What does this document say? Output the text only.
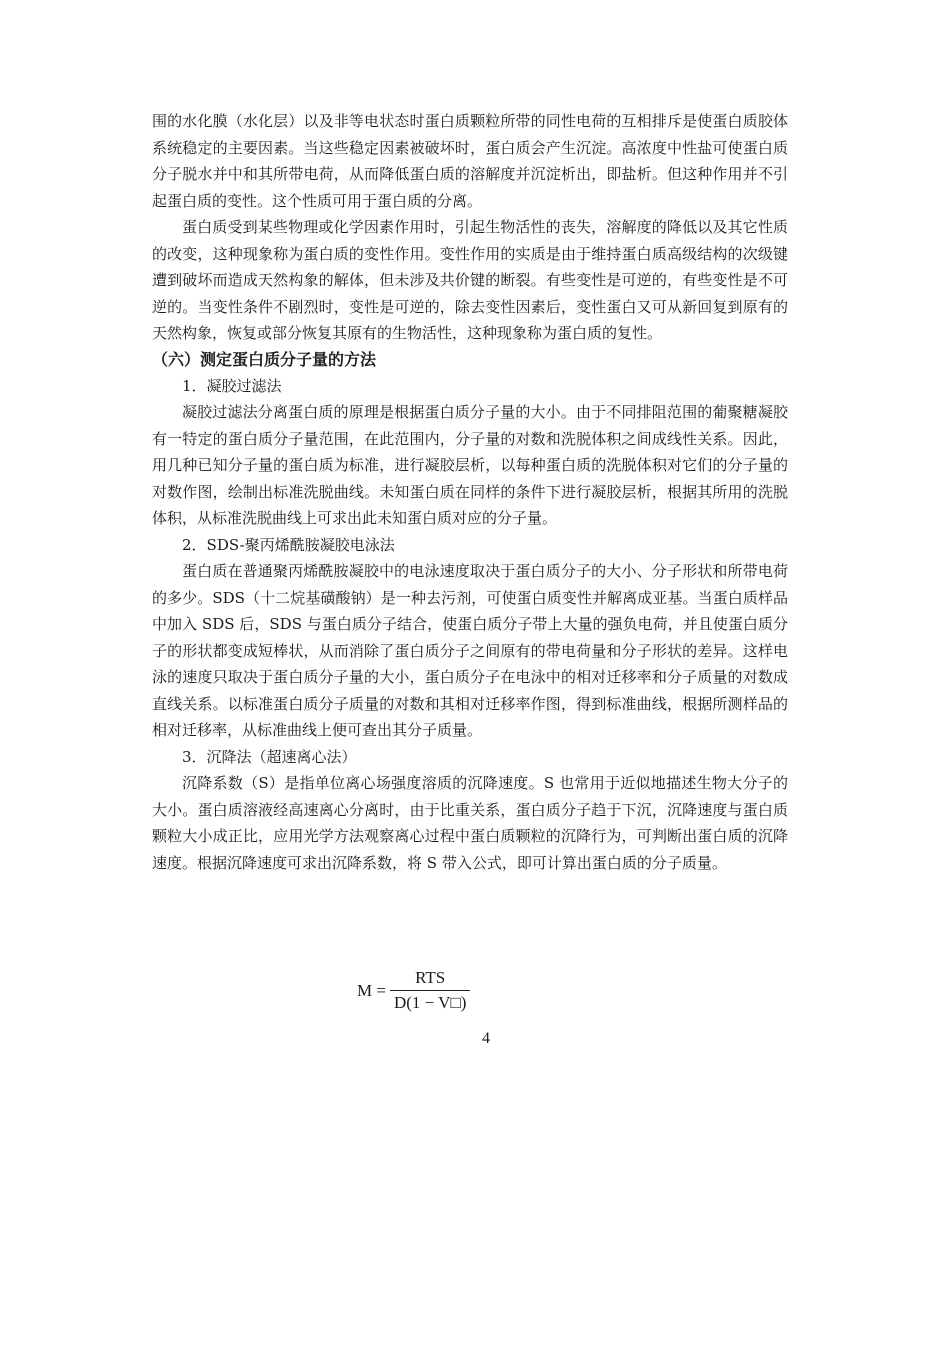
围的水化膜（水化层）以及非等电状态时蛋白质颗粒所带的同性电荷的互相排斥是使蛋白质胶体系统稳定的主要因素。当这些稳定因素被破坏时，蛋白质会产生沉淀。高浓度中性盐可使蛋白质分子脱水并中和其所带电荷，从而降低蛋白质的溶解度并沉淀析出，即盐析。但这种作用并不引起蛋白质的变性。这个性质可用于蛋白质的分离。

蛋白质受到某些物理或化学因素作用时，引起生物活性的丧失，溶解度的降低以及其它性质的改变，这种现象称为蛋白质的变性作用。变性作用的实质是由于维持蛋白质高级结构的次级键遭到破坏而造成天然构象的解体，但未涉及共价键的断裂。有些变性是可逆的，有些变性是不可逆的。当变性条件不剧烈时，变性是可逆的，除去变性因素后，变性蛋白又可从新回复到原有的天然构象，恢复或部分恢复其原有的生物活性，这种现象称为蛋白质的复性。

（六）测定蛋白质分子量的方法

1．凝胶过滤法

凝胶过滤法分离蛋白质的原理是根据蛋白质分子量的大小。由于不同排阻范围的葡聚糖凝胶有一特定的蛋白质分子量范围，在此范围内，分子量的对数和洗脱体积之间成线性关系。因此，用几种已知分子量的蛋白质为标准，进行凝胶层析，以每种蛋白质的洗脱体积对它们的分子量的对数作图，绘制出标准洗脱曲线。未知蛋白质在同样的条件下进行凝胶层析，根据其所用的洗脱体积，从标准洗脱曲线上可求出此未知蛋白质对应的分子量。

2．SDS-聚丙烯酰胺凝胶电泳法

蛋白质在普通聚丙烯酰胺凝胶中的电泳速度取决于蛋白质分子的大小、分子形状和所带电荷的多少。SDS（十二烷基磺酸钠）是一种去污剂，可使蛋白质变性并解离成亚基。当蛋白质样品中加入 SDS 后，SDS 与蛋白质分子结合，使蛋白质分子带上大量的强负电荷，并且使蛋白质分子的形状都变成短棒状，从而消除了蛋白质分子之间原有的带电荷量和分子形状的差异。这样电泳的速度只取决于蛋白质分子量的大小，蛋白质分子在电泳中的相对迁移率和分子质量的对数成直线关系。以标准蛋白质分子质量的对数和其相对迁移率作图，得到标准曲线，根据所测样品的相对迁移率，从标准曲线上便可查出其分子质量。

3．沉降法（超速离心法）

沉降系数（S）是指单位离心场强度溶质的沉降速度。S 也常用于近似地描述生物大分子的大小。蛋白质溶液经高速离心分离时，由于比重关系，蛋白质分子趋于下沉，沉降速度与蛋白质颗粒大小成正比，应用光学方法观察离心过程中蛋白质颗粒的沉降行为，可判断出蛋白质的沉降速度。根据沉降速度可求出沉降系数，将 S 带入公式，即可计算出蛋白质的分子质量。

$M = \frac{\text{RTS}}{D(1 - V□)}$
4
